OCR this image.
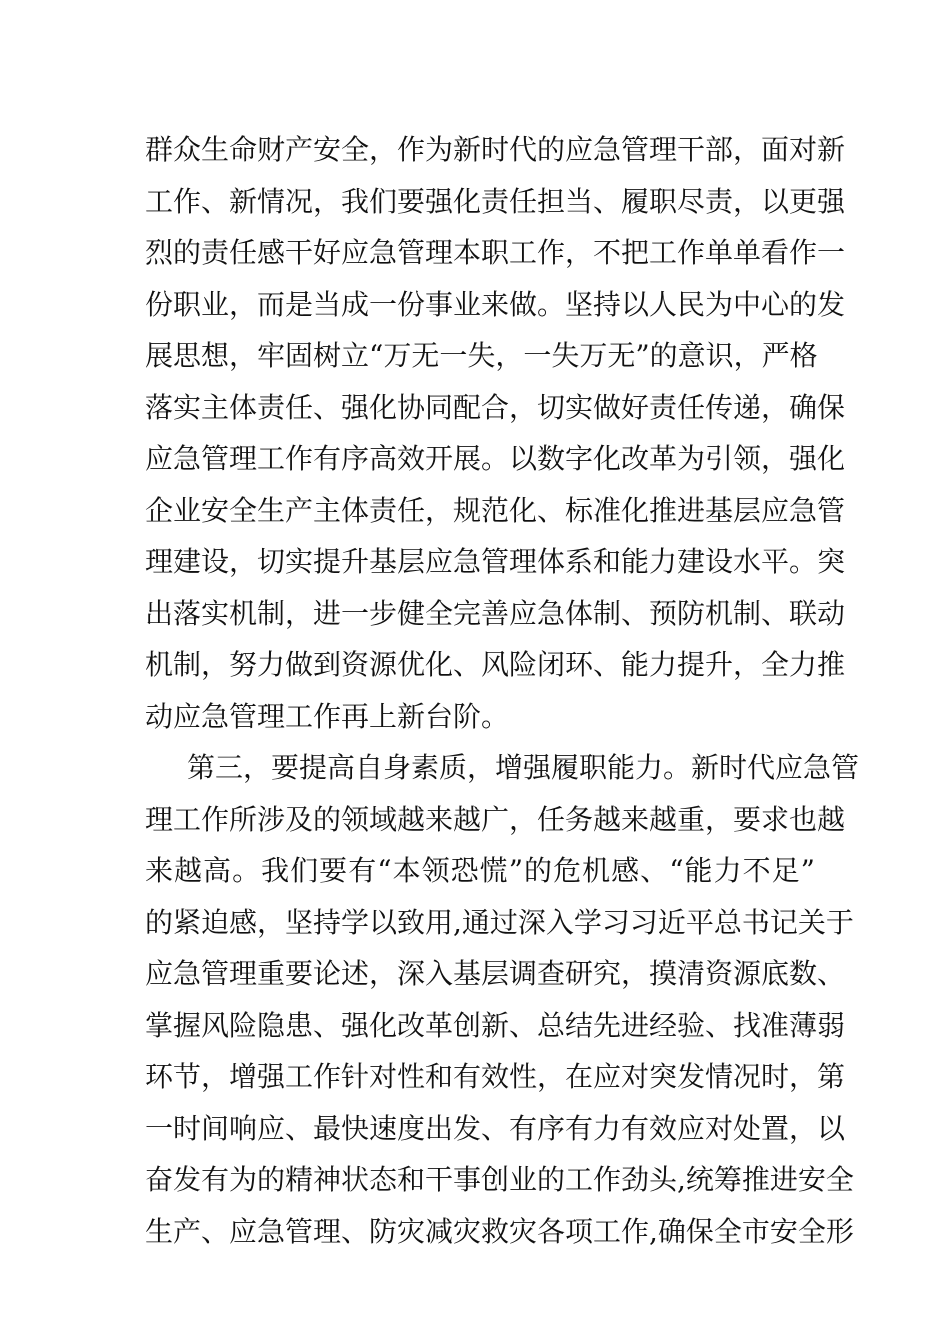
群众生命财产安全，作为新时代的应急管理干部，面对新

工作、新情况，我们要强化责任担当、履职尽责，以更强

烈的责任感干好应急管理本职工作，不把工作单单看作一

份职业，而是当成一份事业来做。坚持以人民为中心的发

展思想，牢固树立“万无一失，一失万无”的意识，严格

落实主体责任、强化协同配合，切实做好责任传递，确保

应急管理工作有序高效开展。以数字化改革为引领，强化

企业安全生产主体责任，规范化、标准化推进基层应急管

理建设，切实提升基层应急管理体系和能力建设水平。突

出落实机制，进一步健全完善应急体制、预防机制、联动

机制，努力做到资源优化、风险闭环、能力提升，全力推

动应急管理工作再上新台阶。

第三，要提高自身素质，增强履职能力。新时代应急管

理工作所涉及的领域越来越广，任务越来越重，要求也越

来越高。我们要有“本领恐慌”的危机感、“能力不足”

的紧迫感，坚持学以致用,通过深入学习习近平总书记关于

应急管理重要论述，深入基层调查研究，摸清资源底数、

掌握风险隐患、强化改革创新、总结先进经验、找准薄弱

环节，增强工作针对性和有效性，在应对突发情况时，第

一时间响应、最快速度出发、有序有力有效应对处置，以

奋发有为的精神状态和干事创业的工作劲头,统筹推进安全

生产、应急管理、防灾减灾救灾各项工作,确保全市安全形
